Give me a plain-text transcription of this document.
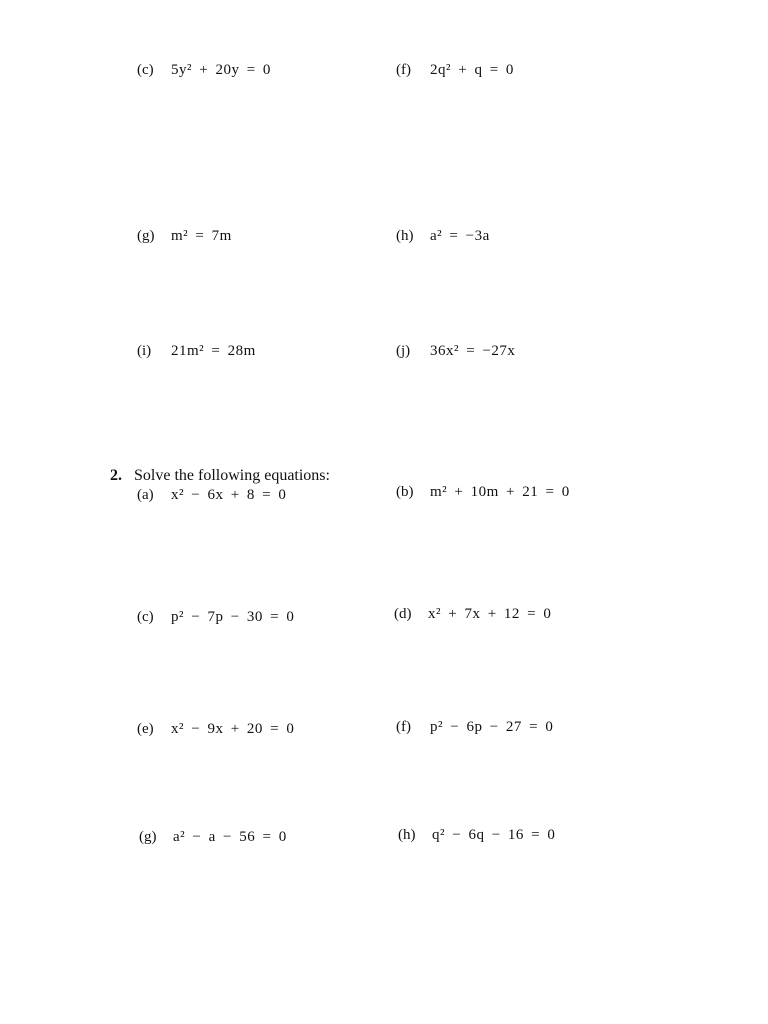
(c)	5y² + 20y = 0	(f)	2q² + q = 0
(g)	m² = 7m	(h)	a² = −3a
(i)	21m² = 28m	(j)	36x² = −27x
2. Solve the following equations:
(a)	x² − 6x + 8 = 0	(b)	m² + 10m + 21 = 0
(c)	p² − 7p − 30 = 0	(d)	x² + 7x + 12 = 0
(e)	x² − 9x + 20 = 0	(f)	p² − 6p − 27 = 0
(g)	a² − a − 56 = 0	(h)	q² − 6q − 16 = 0
